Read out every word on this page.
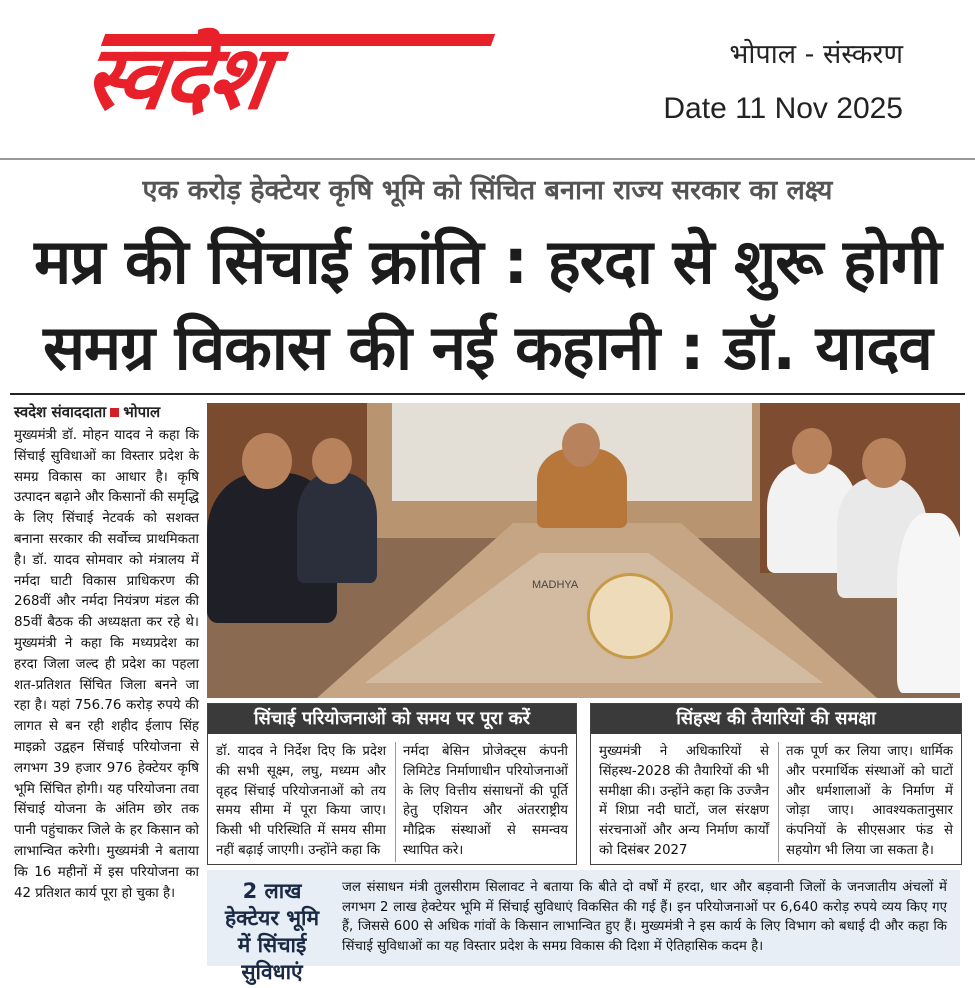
स्वदेश	भोपाल - संस्करण
Date 11 Nov 2025
एक करोड़ हेक्टेयर कृषि भूमि को सिंचित बनाना राज्य सरकार का लक्ष्य
मप्र की सिंचाई क्रांति : हरदा से शुरू होगी
समग्र विकास की नई कहानी : डॉ. यादव
स्वदेश संवाददाता भोपाल
मुख्यमंत्री डॉ. मोहन यादव ने कहा कि सिंचाई सुविधाओं का विस्तार प्रदेश के समग्र विकास का आधार है। कृषि उत्पादन बढ़ाने और किसानों की समृद्धि के लिए सिंचाई नेटवर्क को सशक्त बनाना सरकार की सर्वोच्च प्राथमिकता है। डॉ. यादव सोमवार को मंत्रालय में नर्मदा घाटी विकास प्राधिकरण की 268वीं और नर्मदा नियंत्रण मंडल की 85वीं बैठक की अध्यक्षता कर रहे थे। मुख्यमंत्री ने कहा कि मध्यप्रदेश का हरदा जिला जल्द ही प्रदेश का पहला शत-प्रतिशत सिंचित जिला बनने जा रहा है। यहां 756.76 करोड़ रुपये की लागत से बन रही शहीद ईलाप सिंह माइक्रो उद्वहन सिंचाई परियोजना से लगभग 39 हजार 976 हेक्टेयर कृषि भूमि सिंचित होगी। यह परियोजना तवा सिंचाई योजना के अंतिम छोर तक पानी पहुंचाकर जिले के हर किसान को लाभान्वित करेगी। मुख्यमंत्री ने बताया कि 16 महीनों में इस परियोजना का 42 प्रतिशत कार्य पूरा हो चुका है।
MADHYA
सिंचाई परियोजनाओं को समय पर पूरा करें
डॉ. यादव ने निर्देश दिए कि प्रदेश की सभी सूक्ष्म, लघु, मध्यम और वृहद सिंचाई परियोजनाओं को तय समय सीमा में पूरा किया जाए। किसी भी परिस्थिति में समय सीमा नहीं बढ़ाई जाएगी। उन्होंने कहा कि
नर्मदा बेसिन प्रोजेक्ट्स कंपनी लिमिटेड निर्माणाधीन परियोजनाओं के लिए वित्तीय संसाधनों की पूर्ति हेतु एशियन और अंतरराष्ट्रीय मौद्रिक संस्थाओं से समन्वय स्थापित करे।
सिंहस्थ की तैयारियों की समक्षा
मुख्यमंत्री ने अधिकारियों से सिंहस्थ-2028 की तैयारियों की भी समीक्षा की। उन्होंने कहा कि उज्जैन में शिप्रा नदी घाटों, जल संरक्षण संरचनाओं और अन्य निर्माण कार्यों को दिसंबर 2027
तक पूर्ण कर लिया जाए। धार्मिक और परमार्थिक संस्थाओं को घाटों और धर्मशालाओं के निर्माण में जोड़ा जाए। आवश्यकतानुसार कंपनियों के सीएसआर फंड से सहयोग भी लिया जा सकता है।
2 लाख हेक्टेयर भूमि में सिंचाई सुविधाएं
जल संसाधन मंत्री तुलसीराम सिलावट ने बताया कि बीते दो वर्षों में हरदा, धार और बड़वानी जिलों के जनजातीय अंचलों में लगभग 2 लाख हेक्टेयर भूमि में सिंचाई सुविधाएं विकसित की गई हैं। इन परियोजनाओं पर 6,640 करोड़ रुपये व्यय किए गए हैं, जिससे 600 से अधिक गांवों के किसान लाभान्वित हुए हैं। मुख्यमंत्री ने इस कार्य के लिए विभाग को बधाई दी और कहा कि सिंचाई सुविधाओं का यह विस्तार प्रदेश के समग्र विकास की दिशा में ऐतिहासिक कदम है।
